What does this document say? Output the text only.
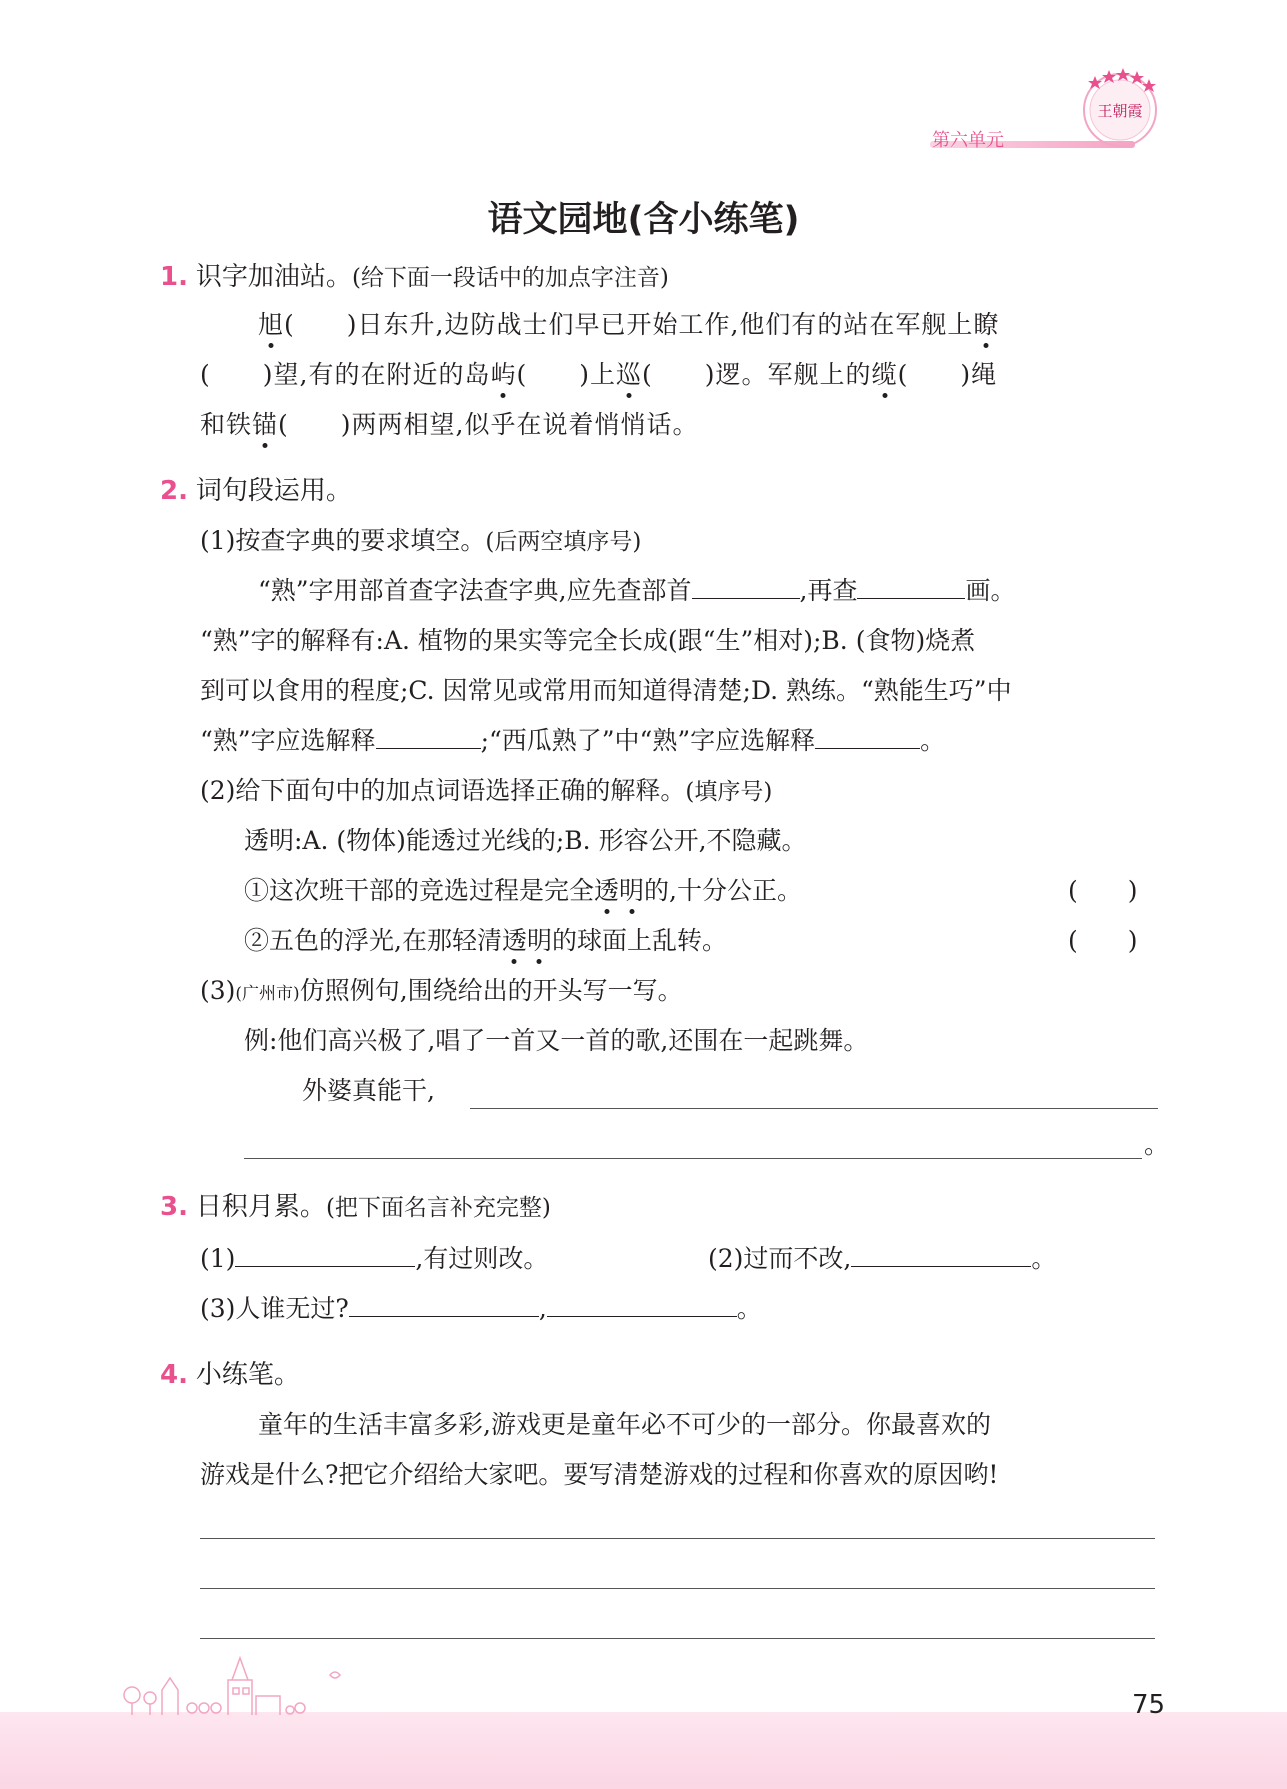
第六单元
王朝霞
语文园地(含小练笔)
1. 识字加油站。(给下面一段话中的加点字注音)
旭(　　)日东升,边防战士们早已开始工作,他们有的站在军舰上瞭
(　　)望,有的在附近的岛屿(　　)上巡(　　)逻。军舰上的缆(　　)绳
和铁锚(　　)两两相望,似乎在说着悄悄话。
2. 词句段运用。
(1)按查字典的要求填空。(后两空填序号)
“熟”字用部首查字法查字典,应先查部首	,再查	画。
“熟”字的解释有:A. 植物的果实等完全长成(跟“生”相对);B. (食物)烧煮
到可以食用的程度;C. 因常见或常用而知道得清楚;D. 熟练。“熟能生巧”中
“熟”字应选解释	;“西瓜熟了”中“熟”字应选解释	。
(2)给下面句中的加点词语选择正确的解释。(填序号)
透明:A. (物体)能透过光线的;B. 形容公开,不隐藏。
①这次班干部的竞选过程是完全透明的,十分公正。	(　　)
②五色的浮光,在那轻清透明的球面上乱转。	(　　)
(3)(广州市)仿照例句,围绕给出的开头写一写。
例:他们高兴极了,唱了一首又一首的歌,还围在一起跳舞。
外婆真能干,
。
3. 日积月累。(把下面名言补充完整)
(1)	,有过则改。	(2)过而不改,	。
(3)人谁无过?	,	。
4. 小练笔。
童年的生活丰富多彩,游戏更是童年必不可少的一部分。你最喜欢的
游戏是什么?把它介绍给大家吧。要写清楚游戏的过程和你喜欢的原因哟!
75
